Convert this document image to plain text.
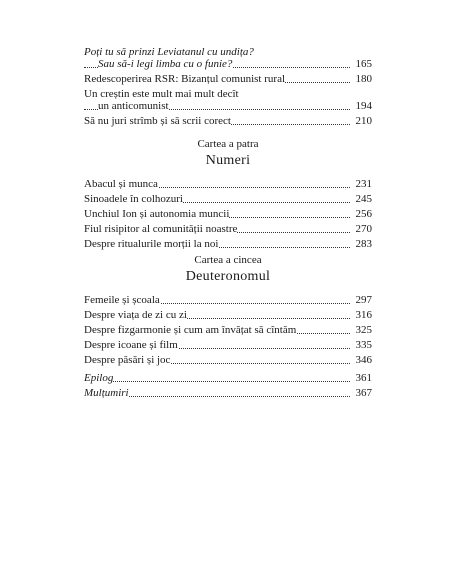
Poți tu să prinzi Leviatanul cu undița?
Sau să-i legi limba cu o funie?	165
Redescoperirea RSR: Bizanțul comunist rural	180
Un creștin este mult mai mult decît
un anticomunist	194
Să nu juri strîmb și să scrii corect	210
Cartea a patra
Numeri
Abacul și munca	231
Sinoadele în colhozuri	245
Unchiul Ion și autonomia muncii	256
Fiul risipitor al comunității noastre	270
Despre ritualurile morții la noi	283
Cartea a cincea
Deuteronomul
Femeile și școala	297
Despre viața de zi cu zi	316
Despre fizgarmonie și cum am învățat să cîntăm	325
Despre icoane și film	335
Despre păsări și joc	346
Epilog	361
Mulțumiri	367
